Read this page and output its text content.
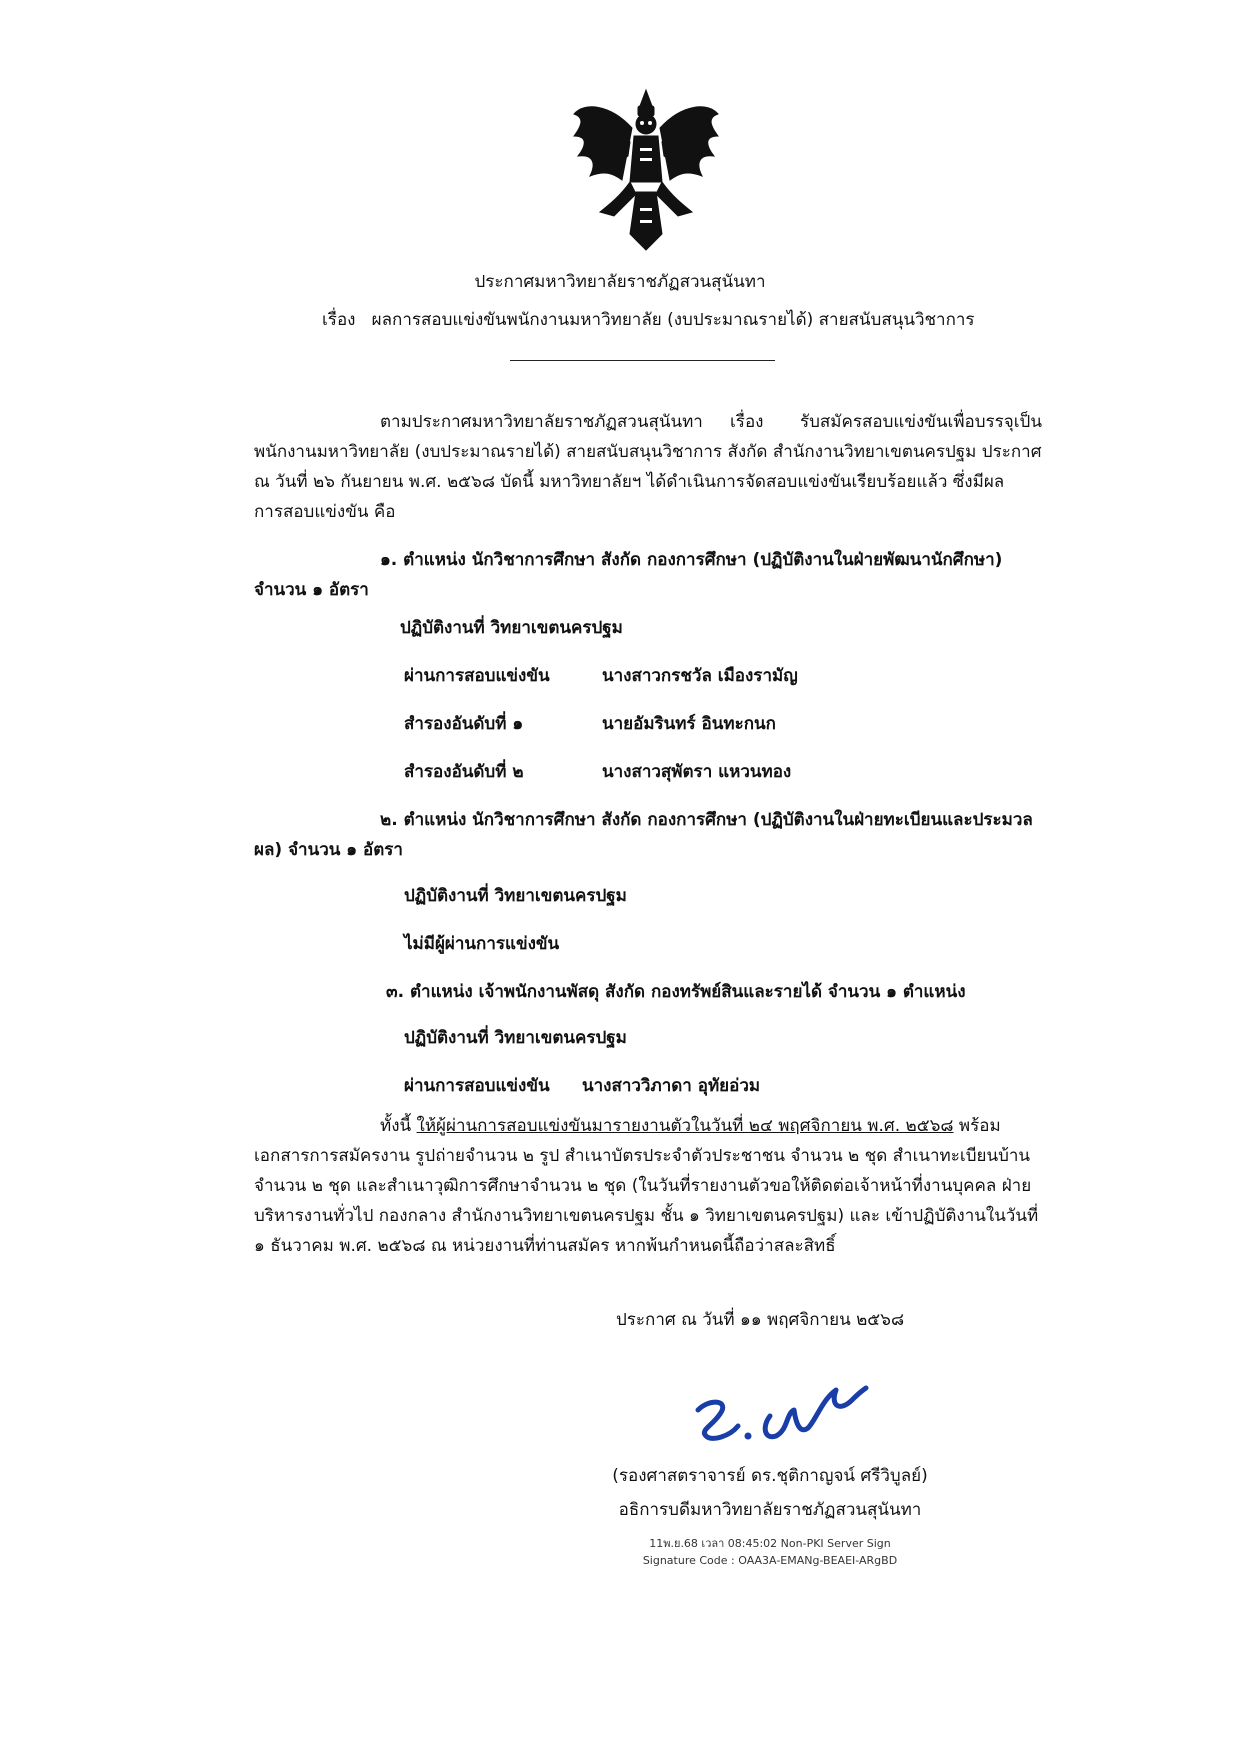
ประกาศมหาวิทยาลัยราชภัฏสวนสุนันทา
เรื่อง ผลการสอบแข่งขันพนักงานมหาวิทยาลัย (งบประมาณรายได้) สายสนับสนุนวิชาการ
ตามประกาศมหาวิทยาลัยราชภัฏสวนสุนันทา เรื่อง รับสมัครสอบแข่งขันเพื่อบรรจุเป็น
พนักงานมหาวิทยาลัย (งบประมาณรายได้) สายสนับสนุนวิชาการ สังกัด สำนักงานวิทยาเขตนครปฐม ประกาศ
ณ วันที่ ๒๖ กันยายน พ.ศ. ๒๕๖๘ บัดนี้ มหาวิทยาลัยฯ ได้ดำเนินการจัดสอบแข่งขันเรียบร้อยแล้ว ซึ่งมีผล
การสอบแข่งขัน คือ
๑. ตำแหน่ง นักวิชาการศึกษา สังกัด กองการศึกษา (ปฏิบัติงานในฝ่ายพัฒนานักศึกษา)
จำนวน ๑ อัตรา
ปฏิบัติงานที่ วิทยาเขตนครปฐม
ผ่านการสอบแข่งขัน	นางสาวกรชวัล เมืองรามัญ
สำรองอันดับที่ ๑	นายอัมรินทร์ อินทะกนก
สำรองอันดับที่ ๒	นางสาวสุพัตรา แหวนทอง
๒. ตำแหน่ง นักวิชาการศึกษา สังกัด กองการศึกษา (ปฏิบัติงานในฝ่ายทะเบียนและประมวล
ผล) จำนวน ๑ อัตรา
ปฏิบัติงานที่ วิทยาเขตนครปฐม
ไม่มีผู้ผ่านการแข่งขัน
๓. ตำแหน่ง เจ้าพนักงานพัสดุ สังกัด กองทรัพย์สินและรายได้ จำนวน ๑ ตำแหน่ง
ปฏิบัติงานที่ วิทยาเขตนครปฐม
ผ่านการสอบแข่งขัน นางสาววิภาดา อุทัยอ่วม
ทั้งนี้ ให้ผู้ผ่านการสอบแข่งขันมารายงานตัวในวันที่ ๒๔ พฤศจิกายน พ.ศ. ๒๕๖๘ พร้อม
เอกสารการสมัครงาน รูปถ่ายจำนวน ๒ รูป สำเนาบัตรประจำตัวประชาชน จำนวน ๒ ชุด สำเนาทะเบียนบ้าน
จำนวน ๒ ชุด และสำเนาวุฒิการศึกษาจำนวน ๒ ชุด (ในวันที่รายงานตัวขอให้ติดต่อเจ้าหน้าที่งานบุคคล ฝ่าย
บริหารงานทั่วไป กองกลาง สำนักงานวิทยาเขตนครปฐม ชั้น ๑ วิทยาเขตนครปฐม) และ เข้าปฏิบัติงานในวันที่
๑ ธันวาคม พ.ศ. ๒๕๖๘ ณ หน่วยงานที่ท่านสมัคร หากพ้นกำหนดนี้ถือว่าสละสิทธิ์
ประกาศ ณ วันที่ ๑๑ พฤศจิกายน ๒๕๖๘
(รองศาสตราจารย์ ดร.ชุติกาญจน์ ศรีวิบูลย์)
อธิการบดีมหาวิทยาลัยราชภัฏสวนสุนันทา
11พ.ย.68 เวลา 08:45:02 Non-PKI Server Sign
Signature Code : OAA3A-EMANg-BEAEI-ARgBD
